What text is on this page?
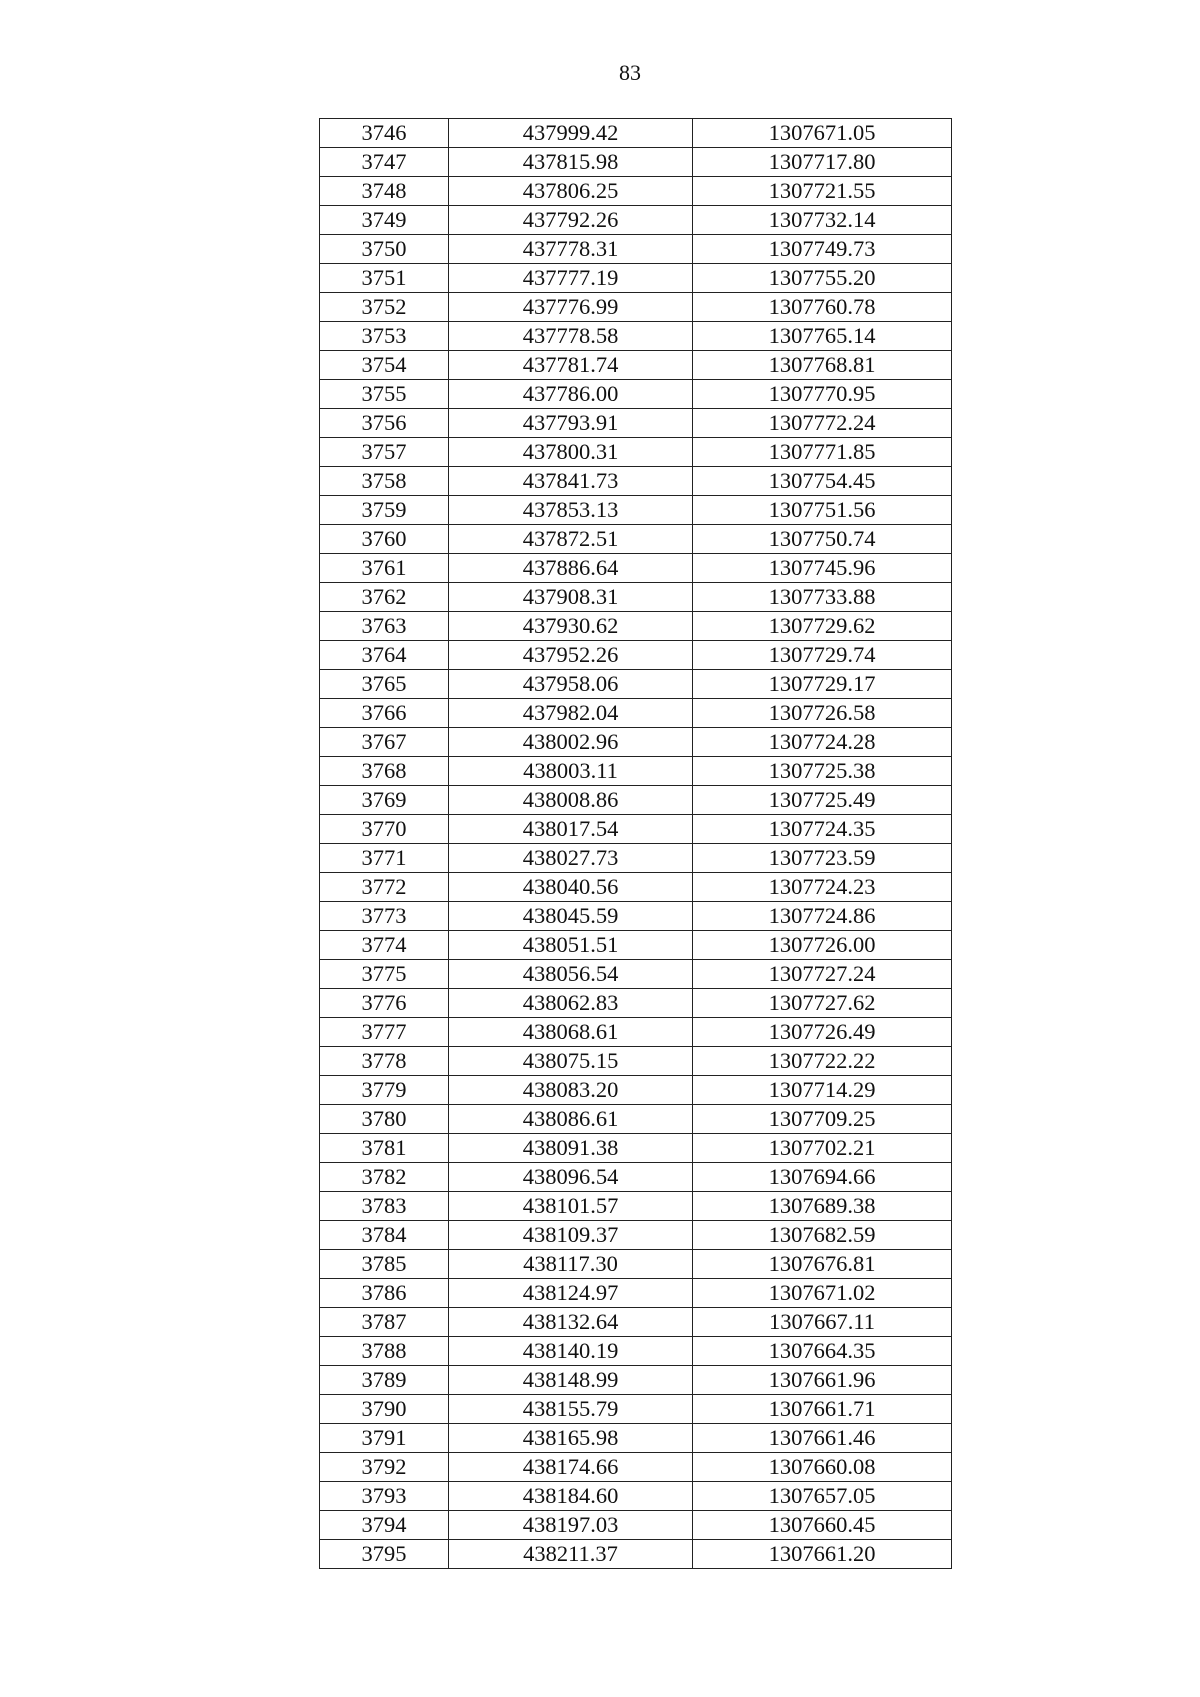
83
3746	437999.42	1307671.05
3747	437815.98	1307717.80
3748	437806.25	1307721.55
3749	437792.26	1307732.14
3750	437778.31	1307749.73
3751	437777.19	1307755.20
3752	437776.99	1307760.78
3753	437778.58	1307765.14
3754	437781.74	1307768.81
3755	437786.00	1307770.95
3756	437793.91	1307772.24
3757	437800.31	1307771.85
3758	437841.73	1307754.45
3759	437853.13	1307751.56
3760	437872.51	1307750.74
3761	437886.64	1307745.96
3762	437908.31	1307733.88
3763	437930.62	1307729.62
3764	437952.26	1307729.74
3765	437958.06	1307729.17
3766	437982.04	1307726.58
3767	438002.96	1307724.28
3768	438003.11	1307725.38
3769	438008.86	1307725.49
3770	438017.54	1307724.35
3771	438027.73	1307723.59
3772	438040.56	1307724.23
3773	438045.59	1307724.86
3774	438051.51	1307726.00
3775	438056.54	1307727.24
3776	438062.83	1307727.62
3777	438068.61	1307726.49
3778	438075.15	1307722.22
3779	438083.20	1307714.29
3780	438086.61	1307709.25
3781	438091.38	1307702.21
3782	438096.54	1307694.66
3783	438101.57	1307689.38
3784	438109.37	1307682.59
3785	438117.30	1307676.81
3786	438124.97	1307671.02
3787	438132.64	1307667.11
3788	438140.19	1307664.35
3789	438148.99	1307661.96
3790	438155.79	1307661.71
3791	438165.98	1307661.46
3792	438174.66	1307660.08
3793	438184.60	1307657.05
3794	438197.03	1307660.45
3795	438211.37	1307661.20
